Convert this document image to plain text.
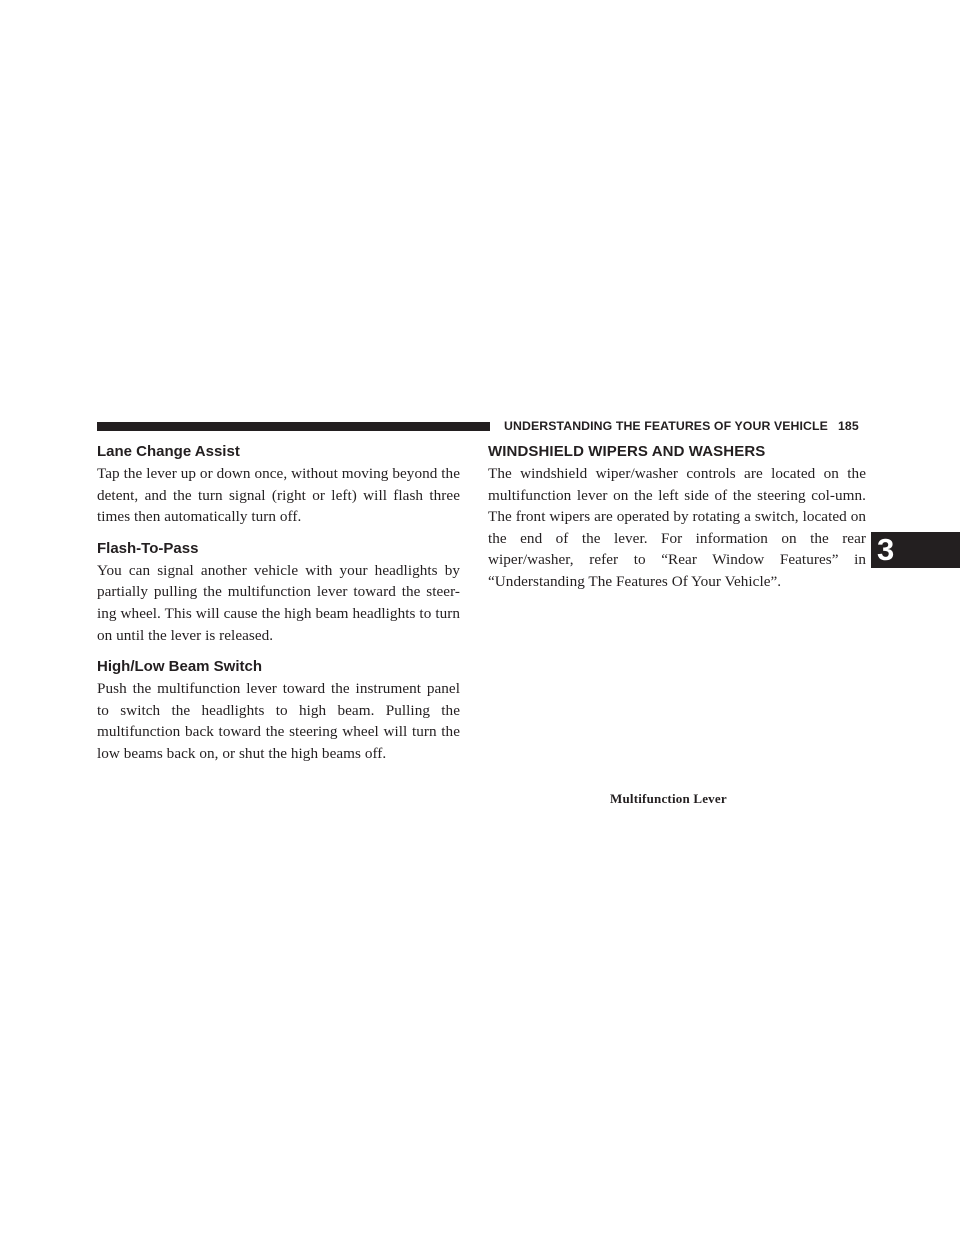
UNDERSTANDING THE FEATURES OF YOUR VEHICLE 185
3
Lane Change Assist

Tap the lever up or down once, without moving beyond the detent, and the turn signal (right or left) will flash three times then automatically turn off.

Flash-To-Pass

You can signal another vehicle with your headlights by partially pulling the multifunction lever toward the steer-ing wheel. This will cause the high beam headlights to turn on until the lever is released.

High/Low Beam Switch

Push the multifunction lever toward the instrument panel to switch the headlights to high beam. Pulling the multifunction back toward the steering wheel will turn the low beams back on, or shut the high beams off.

WINDSHIELD WIPERS AND WASHERS

The windshield wiper/washer controls are located on the multifunction lever on the left side of the steering col-umn. The front wipers are operated by rotating a switch, located on the end of the lever. For information on the rear wiper/washer, refer to “Rear Window Features” in “Understanding The Features Of Your Vehicle”.

Multifunction Lever
